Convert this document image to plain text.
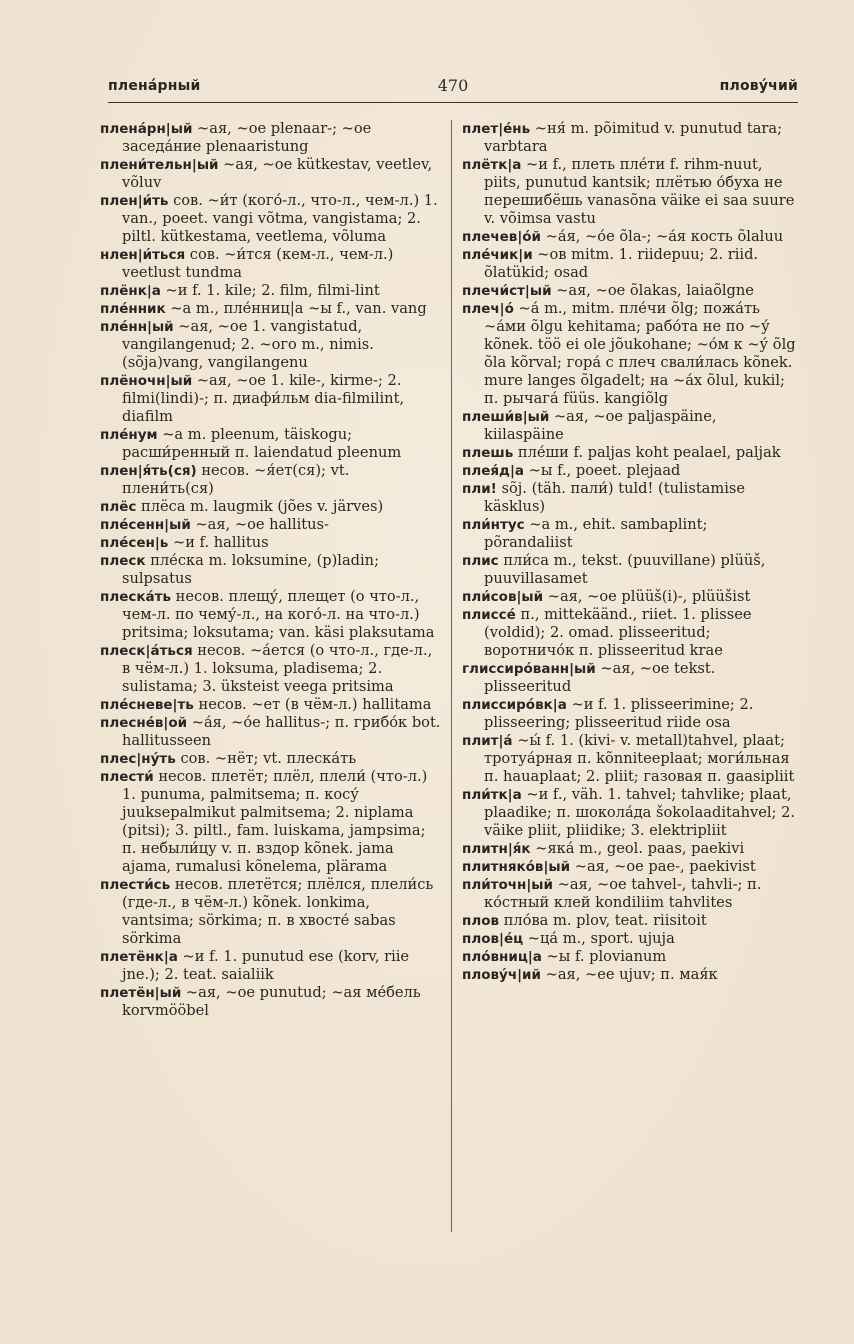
плена́рный	470	плову́чий
плена́рн|ый ~ая, ~ое plenaar-; ~ое заседа́ние plenaaristung
плени́тельн|ый ~ая, ~ое kütkestav, veetlev, võluv
плен|и́ть сов. ~и́т (кого́-л., что-л., чем-л.) 1. van., poeet. vangi võtma, vangistama; 2. piltl. kütkestama, veetlema, võluma
нлен|и́ться сов. ~и́тся (кем-л., чем-л.) veetlust tundma
плёнк|а ~и f. 1. kile; 2. film, filmi-lint
пле́нник ~а m., пле́нниц|а ~ы f., van. vang
пле́нн|ый ~ая, ~ое 1. vangistatud, vangilangenud; 2. ~ого m., nimis. (sõja)vang, vangilangenu
плёночн|ый ~ая, ~ое 1. kile-, kirme-; 2. filmi(lindi)-; п. диафи́льм dia-filmilint, diafilm
пле́нум ~а m. pleenum, täiskogu; расши́ренный п. laiendatud pleenum
плен|я́ть(ся) несов. ~я́ет(ся); vt. плени́ть(ся)
плёс плёса m. laugmik (jões v. järves)
пле́сенн|ый ~ая, ~ое hallitus-
пле́сен|ь ~и f. hallitus
плеск пле́ска m. loksumine, (p)ladin; sulpsatus
плеска́ть несов. плещу́, плещет (о что-л., чем-л. по чему́-л., на кого́-л. на что-л.) pritsima; loksutama; van. käsi plaksutama
плеск|а́ться несов. ~а́ется (о что-л., где-л., в чём-л.) 1. loksuma, pladisema; 2. sulistama; 3. üksteist veega pritsima
пле́сневе|ть несов. ~ет (в чём-л.) hallitama
плесне́в|ой ~а́я, ~о́е hallitus-; п. грибо́к bot. hallitusseen
плес|ну́ть сов. ~нёт; vt. плеска́ть
плести́ несов. плетёт; плёл, плели́ (что-л.) 1. punuma, palmitsema; п. косу́ juuksepalmikut palmitsema; 2. niplama (pitsi); 3. piltl., fam. luiskama, jampsima; п. небыли́цу v. п. вздор kõnek. jama ajama, rumalusi kõnelema, plärama
плести́сь несов. плетётся; плёлся, плели́сь (где-л., в чём-л.) kõnek. lonkima, vantsima; sörkima; п. в хвосте́ sabas sörkima
плетёнк|а ~и f. 1. punutud ese (korv, riie jne.); 2. teat. saialiik
плетён|ый ~ая, ~ое punutud; ~ая ме́бель korvmööbel
плет|е́нь ~ня́ m. põimitud v. punutud tara; varbtara
плётк|а ~и f., плеть пле́ти f. rihm-nuut, piits, punutud kantsik; плётью о́буха не перешибёшь vanasõna väike ei saa suure v. võimsa vastu
плечев|о́й ~а́я, ~о́е õla-; ~а́я кость õlaluu
пле́чик|и ~ов mitm. 1. riidepuu; 2. riid. õlatükid; osad
плечи́ст|ый ~ая, ~ое õlakas, laiaõlgne
плеч|о́ ~а́ m., mitm. пле́чи õlg; пожа́ть ~а́ми õlgu kehitama; рабо́та не по ~у́ kõnek. töö ei ole jõukohane; ~о́м к ~у́ õlg õla kõrval; гора́ с плеч свали́лась kõnek. mure langes õlgadelt; на ~а́х õlul, kukil; п. рычага́ füüs. kangiõlg
плеши́в|ый ~ая, ~ое paljaspäine, kiilaspäine
плешь пле́ши f. paljas koht pealael, paljak
плея́д|а ~ы f., poeet. plejaad
пли! sõj. (täh. пали́) tuld! (tulistamise käsklus)
пли́нтус ~а m., ehit. sambaplint; põrandaliist
плис пли́са m., tekst. (puuvillane) plüüš, puuvillasamet
пли́сов|ый ~ая, ~ое plüüš(i)-, plüüšist
плиссе́ п., mittekäänd., riiet. 1. plissee (voldid); 2. omad. plisseeritud; воротничо́к п. plisseeritud krae
глиссиро́ванн|ый ~ая, ~ое tekst. plisseeritud
плиссиро́вк|а ~и f. 1. plisseerimine; 2. plisseering; plisseeritud riide osa
плит|а́ ~ы́ f. 1. (kivi- v. metall)tahvel, plaat; тротуа́рная п. kõnniteeplaat; моги́льная п. hauaplaat; 2. pliit; газовая п. gaasipliit
пли́тк|а ~и f., väh. 1. tahvel; tahvlike; plaat, plaadike; п. шокола́да šokolaaditahvel; 2. väike pliit, pliidike; 3. elektripliit
плитн|я́к ~яка́ m., geol. paas, paekivi
плитняко́в|ый ~ая, ~ое pae-, paekivist
пли́точн|ый ~ая, ~ое tahvel-, tahvli-; п. ко́стный клей kondiliim tahvlites
плов пло́ва m. plov, teat. riisitoit
плов|е́ц ~ца́ m., sport. ujuja
пло́вниц|а ~ы f. plovianum
плову́ч|ий ~ая, ~ее ujuv; п. мая́к
